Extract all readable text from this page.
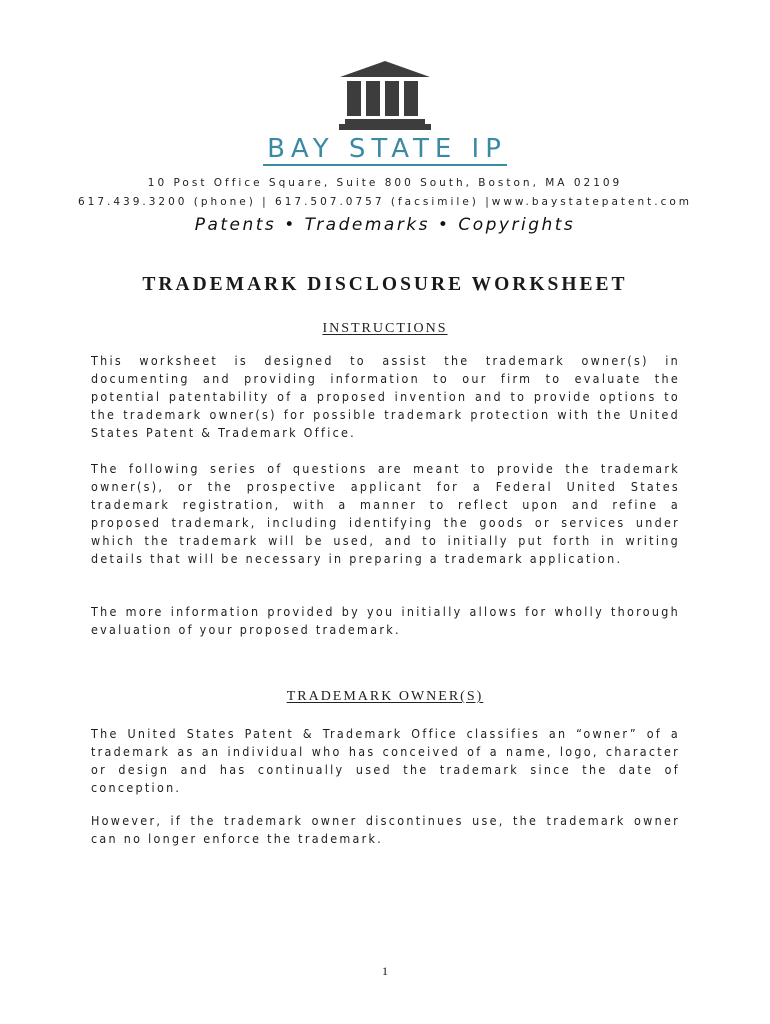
BAY STATE IP
10 Post Office Square, Suite 800 South, Boston, MA 02109
617.439.3200 (phone) | 617.507.0757 (facsimile) |www.baystatepatent.com
Patents • Trademarks • Copyrights
TRADEMARK DISCLOSURE WORKSHEET
INSTRUCTIONS
This worksheet is designed to assist the trademark owner(s) in documenting and providing information to our firm to evaluate the potential patentability of a proposed invention and to provide options to the trademark owner(s) for possible trademark protection with the United States Patent & Trademark Office.
The following series of questions are meant to provide the trademark owner(s), or the prospective applicant for a Federal United States trademark registration, with a manner to reflect upon and refine a proposed trademark, including identifying the goods or services under which the trademark will be used, and to initially put forth in writing details that will be necessary in preparing a trademark application.
The more information provided by you initially allows for wholly thorough evaluation of your proposed trademark.
TRADEMARK OWNER(S)
The United States Patent & Trademark Office classifies an “owner” of a trademark as an individual who has conceived of a name, logo, character or design and has continually used the trademark since the date of conception.
However, if the trademark owner discontinues use, the trademark owner can no longer enforce the trademark.
1
